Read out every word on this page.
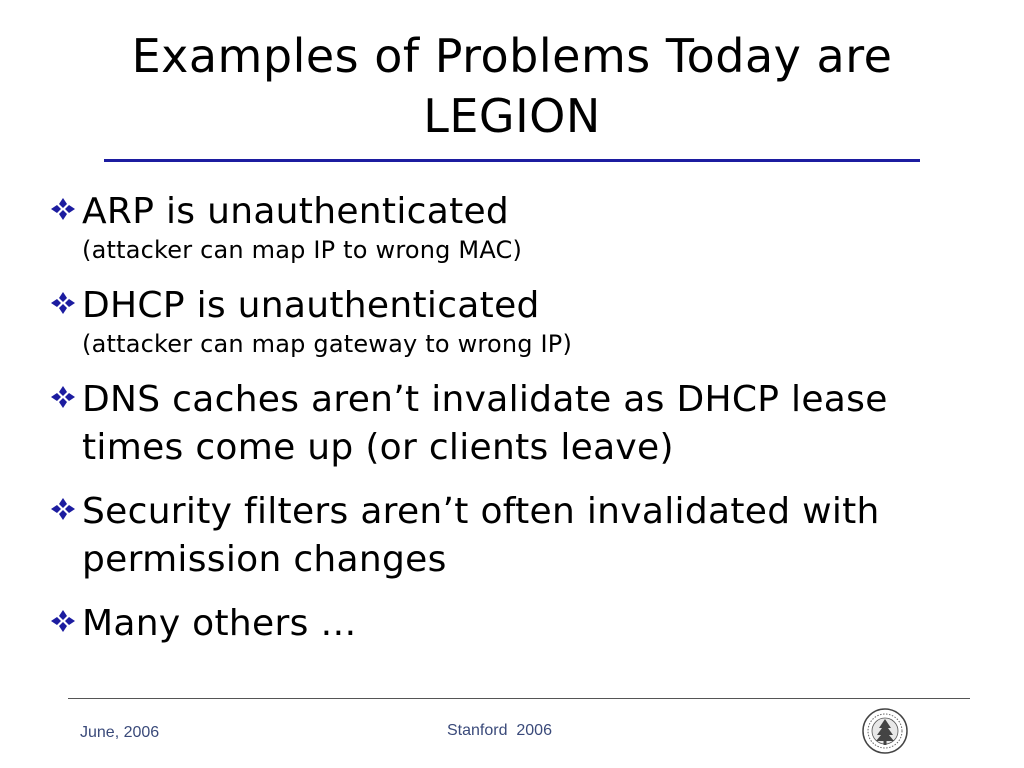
Examples of Problems Today are
LEGION
ARP is unauthenticated
(attacker can map IP to wrong MAC)
DHCP is unauthenticated
(attacker can map gateway to wrong IP)
DNS caches aren’t invalidate as DHCP lease times come up (or clients leave)
Security filters aren’t often invalidated with permission changes
Many others …
June, 2006	Stanford  2006
